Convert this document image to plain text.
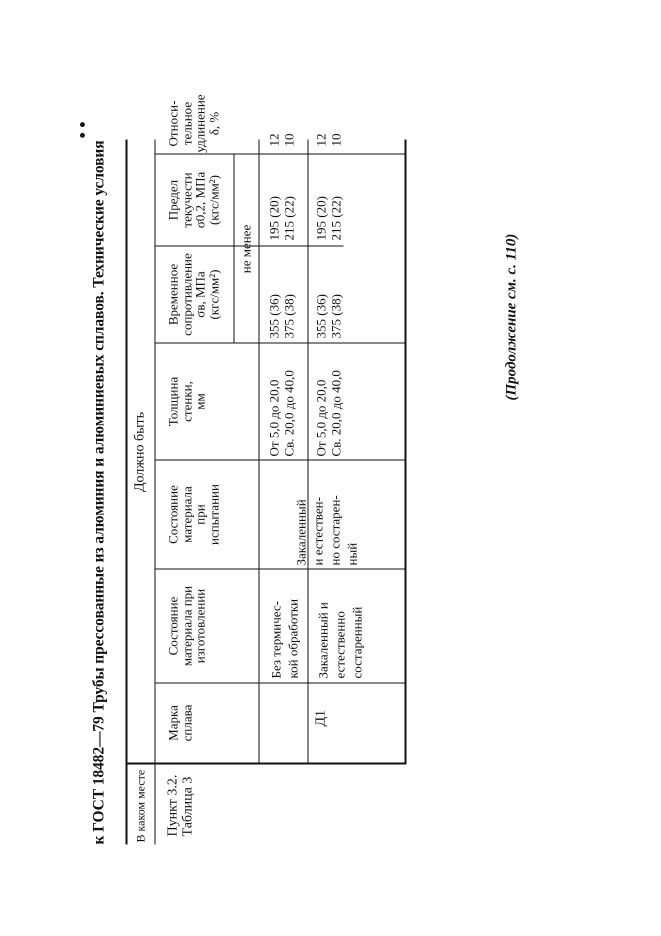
к ГОСТ 18482—79 Трубы прессованные из алюминия и алюминиевых сплавов. Технические условия
• •
В каком месте Пункт 3.2. Таблица 3
Должно быть
Марка
сплава
Состояние
материала при
изготовлении
Состояние
материала
при
испытании
Толщина
стенки,
мм
Временное
сопротивление
σв, МПа
(кгс/мм²)
Предел
текучести
σ0,2, МПа
(кгс/мм²)
Относи-
тельное
удлинение
δ, %
не менее
Д1
Закаленный и естествен- но состарен- ный
Без термичес- кой обработки
От 5,0 до 20,0 Св. 20,0 до 40,0
355 (36) 375 (38)
195 (20) 215 (22)
12 10
Закаленный и естественно состаренный
От 5,0 до 20,0 Св. 20,0 до 40,0
355 (36) 375 (38)
195 (20) 215 (22)
12 10
(Продолжение см. с. 110)
